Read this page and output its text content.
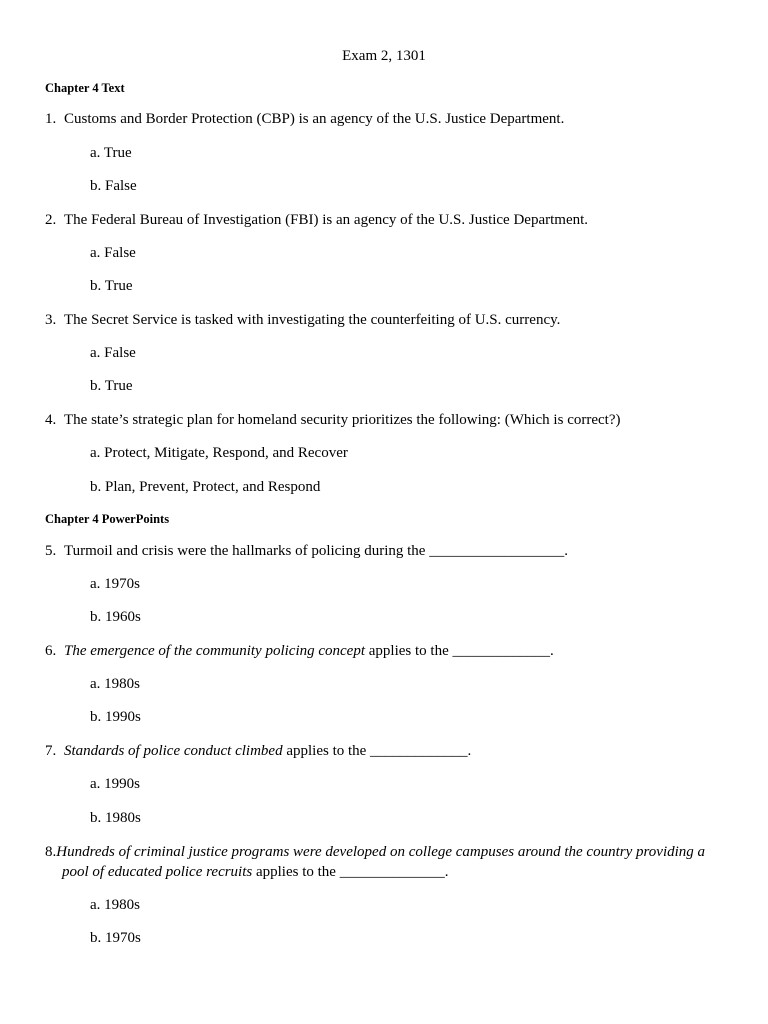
Exam 2, 1301
Chapter 4 Text
1. Customs and Border Protection (CBP) is an agency of the U.S. Justice Department.
a. True
b. False
2. The Federal Bureau of Investigation (FBI) is an agency of the U.S. Justice Department.
a. False
b. True
3. The Secret Service is tasked with investigating the counterfeiting of U.S. currency.
a. False
b. True
4. The state’s strategic plan for homeland security prioritizes the following: (Which is correct?)
a. Protect, Mitigate, Respond, and Recover
b. Plan, Prevent, Protect, and Respond
Chapter 4 PowerPoints
5. Turmoil and crisis were the hallmarks of policing during the __________________.
a. 1970s
b. 1960s
6. The emergence of the community policing concept applies to the _____________.
a. 1980s
b. 1990s
7. Standards of police conduct climbed applies to the _____________.
a. 1990s
b. 1980s
8.Hundreds of criminal justice programs were developed on college campuses around the country providing a
pool of educated police recruits applies to the ______________.
a. 1980s
b. 1970s
